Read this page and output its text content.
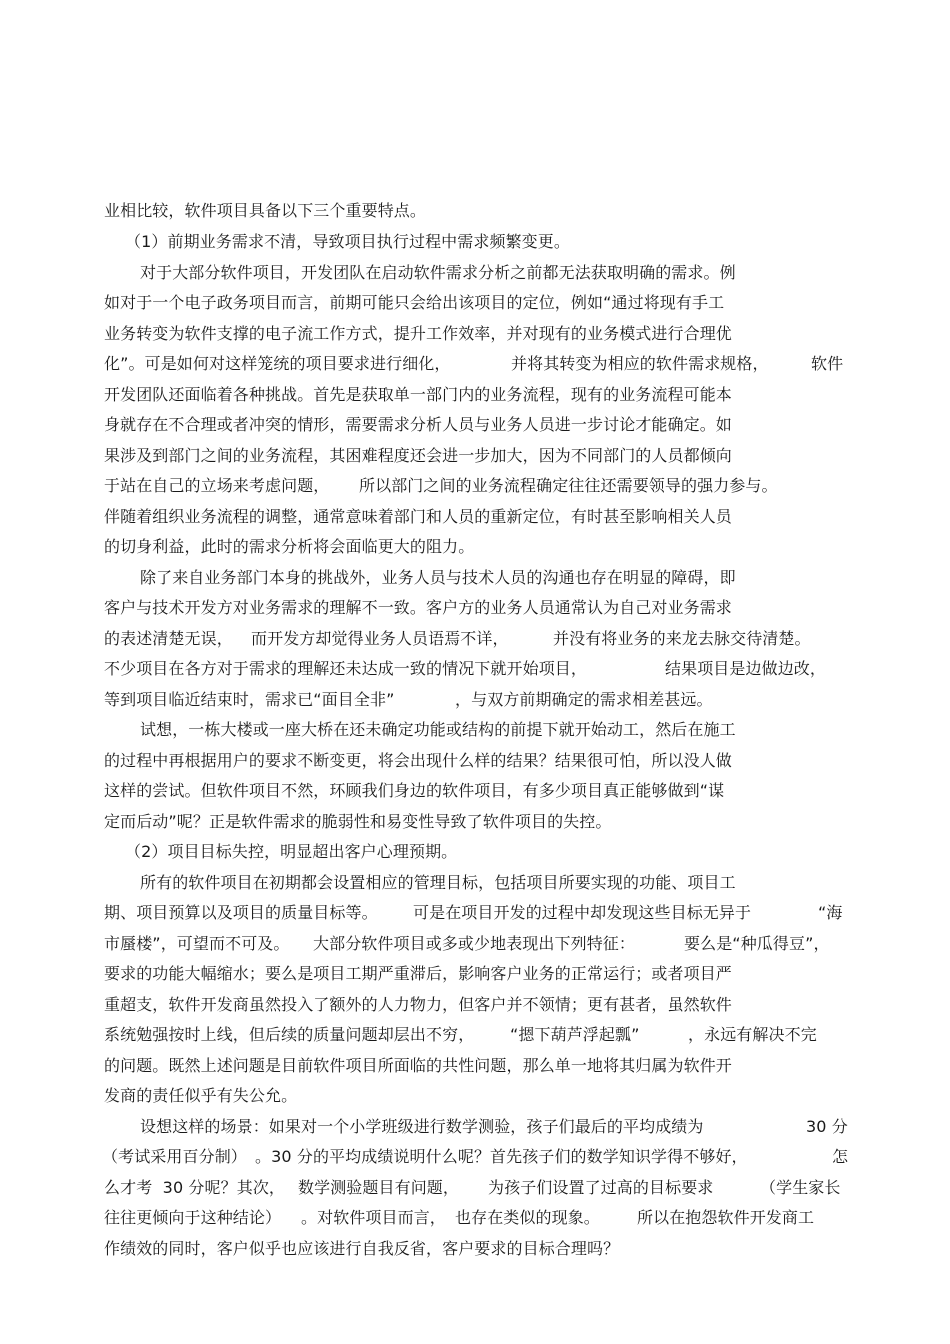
业相比较，软件项目具备以下三个重要特点。
（1）前期业务需求不清，导致项目执行过程中需求频繁变更。
对于大部分软件项目，开发团队在启动软件需求分析之前都无法获取明确的需求。例
如对于一个电子政务项目而言，前期可能只会给出该项目的定位，例如“通过将现有手工
业务转变为软件支撑的电子流工作方式，提升工作效率，并对现有的业务模式进行合理优
化”。可是如何对这样笼统的项目要求进行细化，	并将其转变为相应的软件需求规格，	软件
开发团队还面临着各种挑战。首先是获取单一部门内的业务流程，现有的业务流程可能本
身就存在不合理或者冲突的情形，需要需求分析人员与业务人员进一步讨论才能确定。如
果涉及到部门之间的业务流程，其困难程度还会进一步加大，因为不同部门的人员都倾向
于站在自己的立场来考虑问题， 所以部门之间的业务流程确定往往还需要领导的强力参与。
伴随着组织业务流程的调整，通常意味着部门和人员的重新定位，有时甚至影响相关人员
的切身利益，此时的需求分析将会面临更大的阻力。
除了来自业务部门本身的挑战外，业务人员与技术人员的沟通也存在明显的障碍，即
客户与技术开发方对业务需求的理解不一致。客户方的业务人员通常认为自己对业务需求
的表述清楚无误， 而开发方却觉得业务人员语焉不详，	并没有将业务的来龙去脉交待清楚。
不少项目在各方对于需求的理解还未达成一致的情况下就开始项目，	结果项目是边做边改，
等到项目临近结束时，需求已“面目全非”	，与双方前期确定的需求相差甚远。
试想，一栋大楼或一座大桥在还未确定功能或结构的前提下就开始动工，然后在施工
的过程中再根据用户的要求不断变更，将会出现什么样的结果？结果很可怕，所以没人做
这样的尝试。但软件项目不然，环顾我们身边的软件项目，有多少项目真正能够做到“谋
定而后动”呢？正是软件需求的脆弱性和易变性导致了软件项目的失控。
（2）项目目标失控，明显超出客户心理预期。
所有的软件项目在初期都会设置相应的管理目标，包括项目所要实现的功能、项目工
期、项目预算以及项目的质量目标等。 可是在项目开发的过程中却发现这些目标无异于	“海
市蜃楼”，可望而不可及。 大部分软件项目或多或少地表现出下列特征：	要么是“种瓜得豆”，
要求的功能大幅缩水；要么是项目工期严重滞后，影响客户业务的正常运行；或者项目严
重超支，软件开发商虽然投入了额外的人力物力，但客户并不领情；更有甚者，虽然软件
系统勉强按时上线，但后续的质量问题却层出不穷， “摁下葫芦浮起瓢”	，永远有解决不完
的问题。既然上述问题是目前软件项目所面临的共性问题，那么单一地将其归属为软件开
发商的责任似乎有失公允。
设想这样的场景：如果对一个小学班级进行数学测验，孩子们最后的平均成绩为	30 分
（考试采用百分制） 。30 分的平均成绩说明什么呢？首先孩子们的数学知识学得不够好，	怎
么才考  30 分呢？其次， 数学测验题目有问题， 为孩子们设置了过高的目标要求	（学生家长
往往更倾向于这种结论） 。对软件项目而言， 也存在类似的现象。 所以在抱怨软件开发商工
作绩效的同时，客户似乎也应该进行自我反省，客户要求的目标合理吗？
